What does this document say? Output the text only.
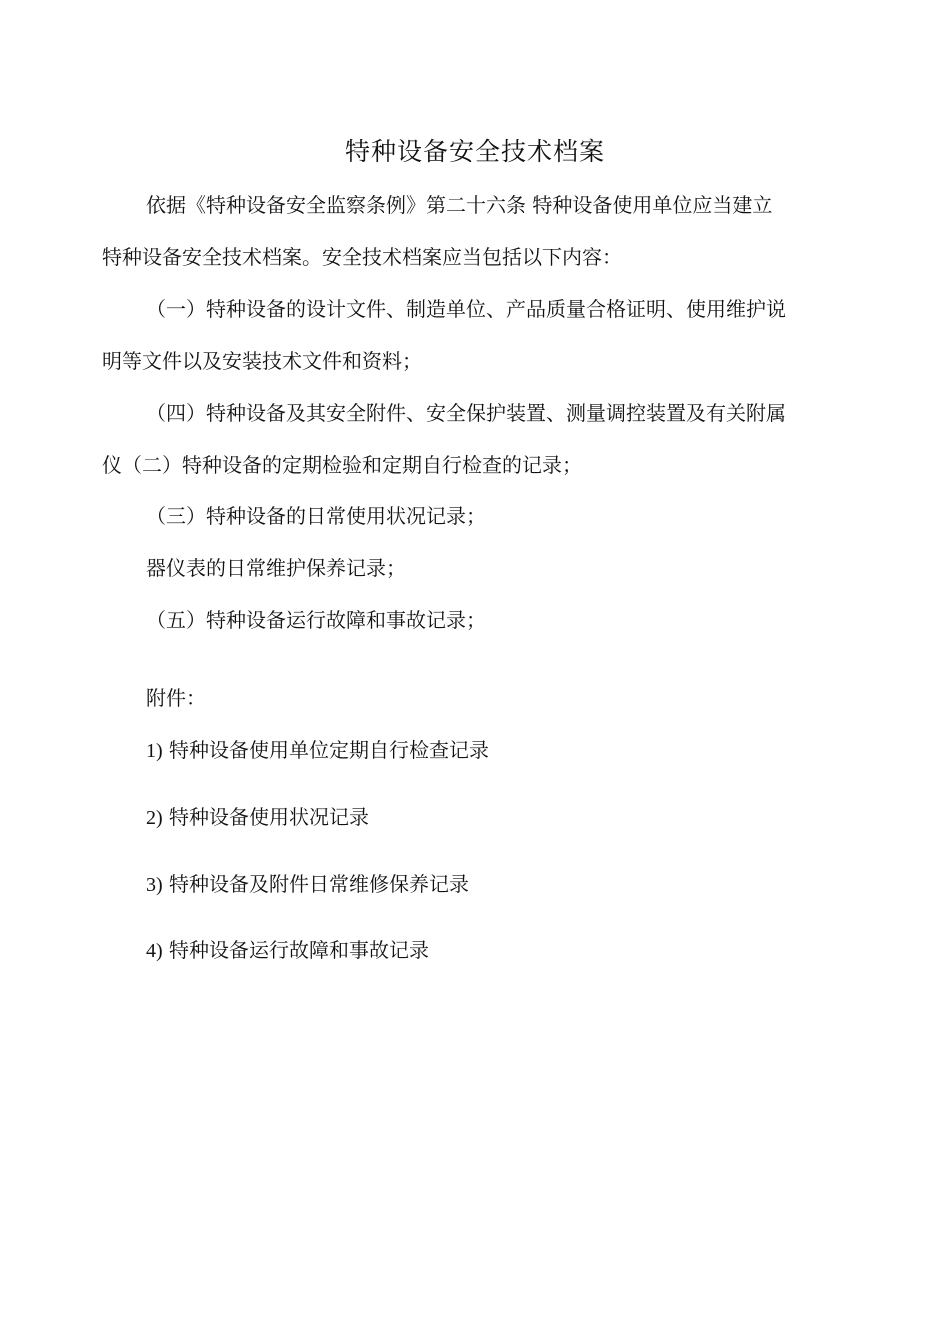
特种设备安全技术档案
依据《特种设备安全监察条例》第二十六条 特种设备使用单位应当建立
特种设备安全技术档案。安全技术档案应当包括以下内容：
（一）特种设备的设计文件、制造单位、产品质量合格证明、使用维护说
明等文件以及安装技术文件和资料；
（四）特种设备及其安全附件、安全保护装置、测量调控装置及有关附属
仪（二）特种设备的定期检验和定期自行检查的记录；
（三）特种设备的日常使用状况记录；
器仪表的日常维护保养记录；
（五）特种设备运行故障和事故记录；
附件：
1) 特种设备使用单位定期自行检查记录
2) 特种设备使用状况记录
3) 特种设备及附件日常维修保养记录
4) 特种设备运行故障和事故记录
